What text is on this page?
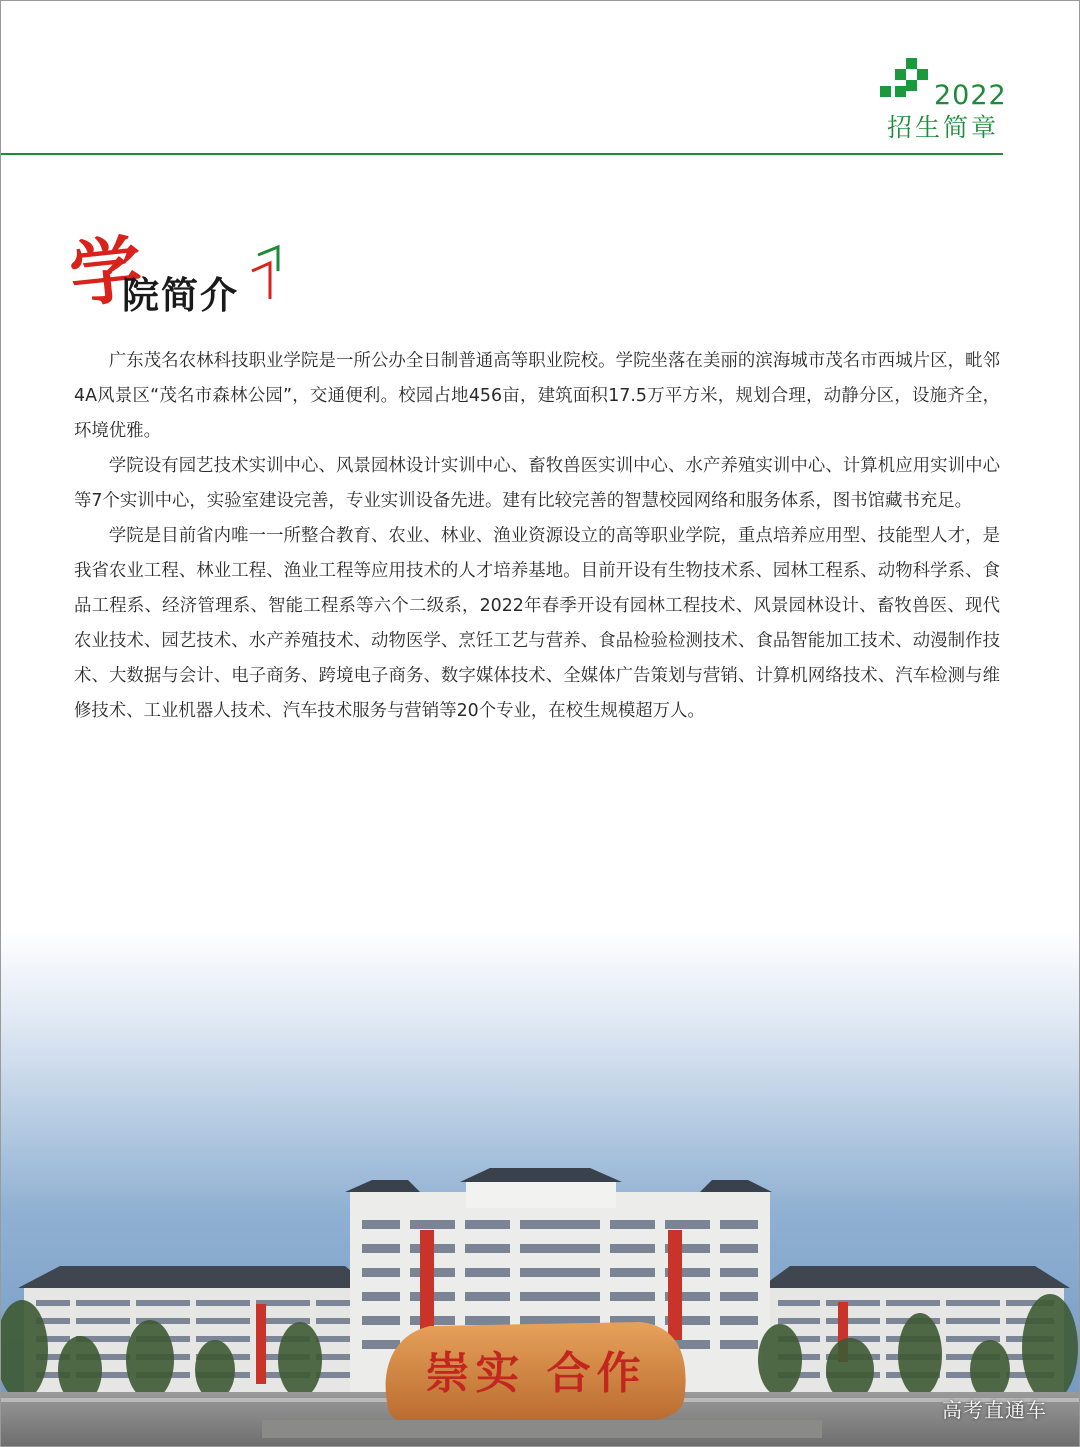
2022
招生简章
学
院简介

广东茂名农林科技职业学院是一所公办全日制普通高等职业院校。学院坐落在美丽的滨海城市茂名市西城片区，毗邻4A风景区“茂名市森林公园”，交通便利。校园占地456亩，建筑面积17.5万平方米，规划合理，动静分区，设施齐全，环境优雅。

学院设有园艺技术实训中心、风景园林设计实训中心、畜牧兽医实训中心、水产养殖实训中心、计算机应用实训中心等7个实训中心，实验室建设完善，专业实训设备先进。建有比较完善的智慧校园网络和服务体系，图书馆藏书充足。

学院是目前省内唯一一所整合教育、农业、林业、渔业资源设立的高等职业学院，重点培养应用型、技能型人才，是我省农业工程、林业工程、渔业工程等应用技术的人才培养基地。目前开设有生物技术系、园林工程系、动物科学系、食品工程系、经济管理系、智能工程系等六个二级系，2022年春季开设有园林工程技术、风景园林设计、畜牧兽医、现代农业技术、园艺技术、水产养殖技术、动物医学、烹饪工艺与营养、食品检验检测技术、食品智能加工技术、动漫制作技术、大数据与会计、电子商务、跨境电子商务、数字媒体技术、全媒体广告策划与营销、计算机网络技术、汽车检测与维修技术、工业机器人技术、汽车技术服务与营销等20个专业，在校生规模超万人。

崇实 合作
高考直通车
